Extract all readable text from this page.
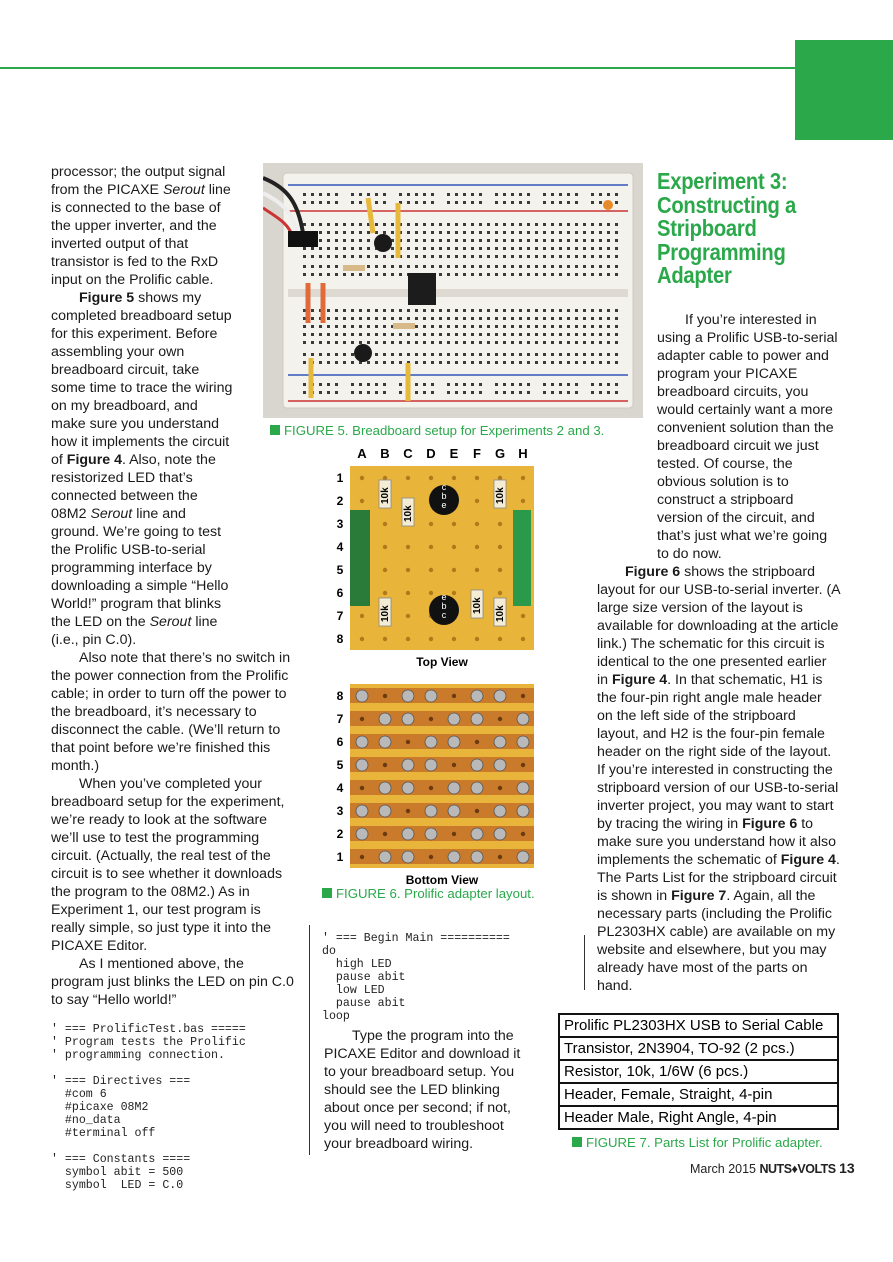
processor; the output signal from the PICAXE Serout line is connected to the base of the upper inverter, and the inverted output of that transistor is fed to the RxD input on the Prolific cable.

Figure 5 shows my completed breadboard setup for this experiment. Before assembling your own breadboard circuit, take some time to trace the wiring on my breadboard, and make sure you understand how it implements the circuit of Figure 4. Also, note the resistorized LED that’s connected between the 08M2 Serout line and ground. We’re going to test the Prolific USB-to-serial programming interface by downloading a simple “Hello World!” program that blinks the LED on the Serout line (i.e., pin C.0).

Also note that there’s no switch in the power connection from the Prolific cable; in order to turn off the power to the breadboard, it’s necessary to disconnect the cable. (We’ll return to that point before we’re finished this month.)

When you’ve completed your breadboard setup for the experiment, we’re ready to look at the software we’ll use to test the programming circuit. (Actually, the real test of the circuit is to see whether it downloads the program to the 08M2.) As in Experiment 1, our test program is really simple, so just type it into the PICAXE Editor.

As I mentioned above, the program just blinks the LED on pin C.0 to say “Hello world!”

' === ProlificTest.bas =====
' Program tests the Prolific
' programming connection.

' === Directives ===
#com 6
#picaxe 08M2
#no_data
#terminal off

' === Constants ====
symbol abit = 500
symbol  LED = C.0
FIGURE 5. Breadboard setup for Experiments 2 and 3.
A B C D E F G H
1
2
3
4
5
6
7
8
c
b
e
e
b
c
10k
10k
10k
10k	10k
10k
Top View
8
7
6
5
4
3
2
1
Bottom View
FIGURE 6. Prolific adapter layout.
' === Begin Main ==========
do
high LED
pause abit
low LED
pause abit
loop

Type the program into the PICAXE Editor and download it to your breadboard setup. You should see the LED blinking about once per second; if not, you will need to troubleshoot your breadboard wiring.

Experiment 3:
Constructing a
Stripboard
Programming
Adapter

If you’re interested in using a Prolific USB-to-serial adapter cable to power and program your PICAXE breadboard circuits, you would certainly want a more convenient solution than the breadboard circuit we just tested. Of course, the obvious solution is to construct a stripboard version of the circuit, and that’s just what we’re going to do now.

Figure 6 shows the stripboard layout for our USB-to-serial inverter. (A large size version of the layout is available for downloading at the article link.) The schematic for this circuit is identical to the one presented earlier in Figure 4. In that schematic, H1 is the four-pin right angle male header on the left side of the stripboard layout, and H2 is the four-pin female header on the right side of the layout. If you’re interested in constructing the stripboard version of our USB-to-serial inverter project, you may want to start by tracing the wiring in Figure 6 to make sure you understand how it also implements the schematic of Figure 4. The Parts List for the stripboard circuit is shown in Figure 7. Again, all the necessary parts (including the Prolific PL2303HX cable) are available on my website and elsewhere, but you may already have most of the parts on hand.

Prolific PL2303HX USB to Serial Cable
Transistor, 2N3904, TO-92 (2 pcs.)
Resistor, 10k, 1/6W (6 pcs.)
Header, Female, Straight, 4-pin
Header Male, Right Angle, 4-pin
FIGURE 7. Parts List for Prolific adapter.
March 2015 NUTS♦VOLTS 13
